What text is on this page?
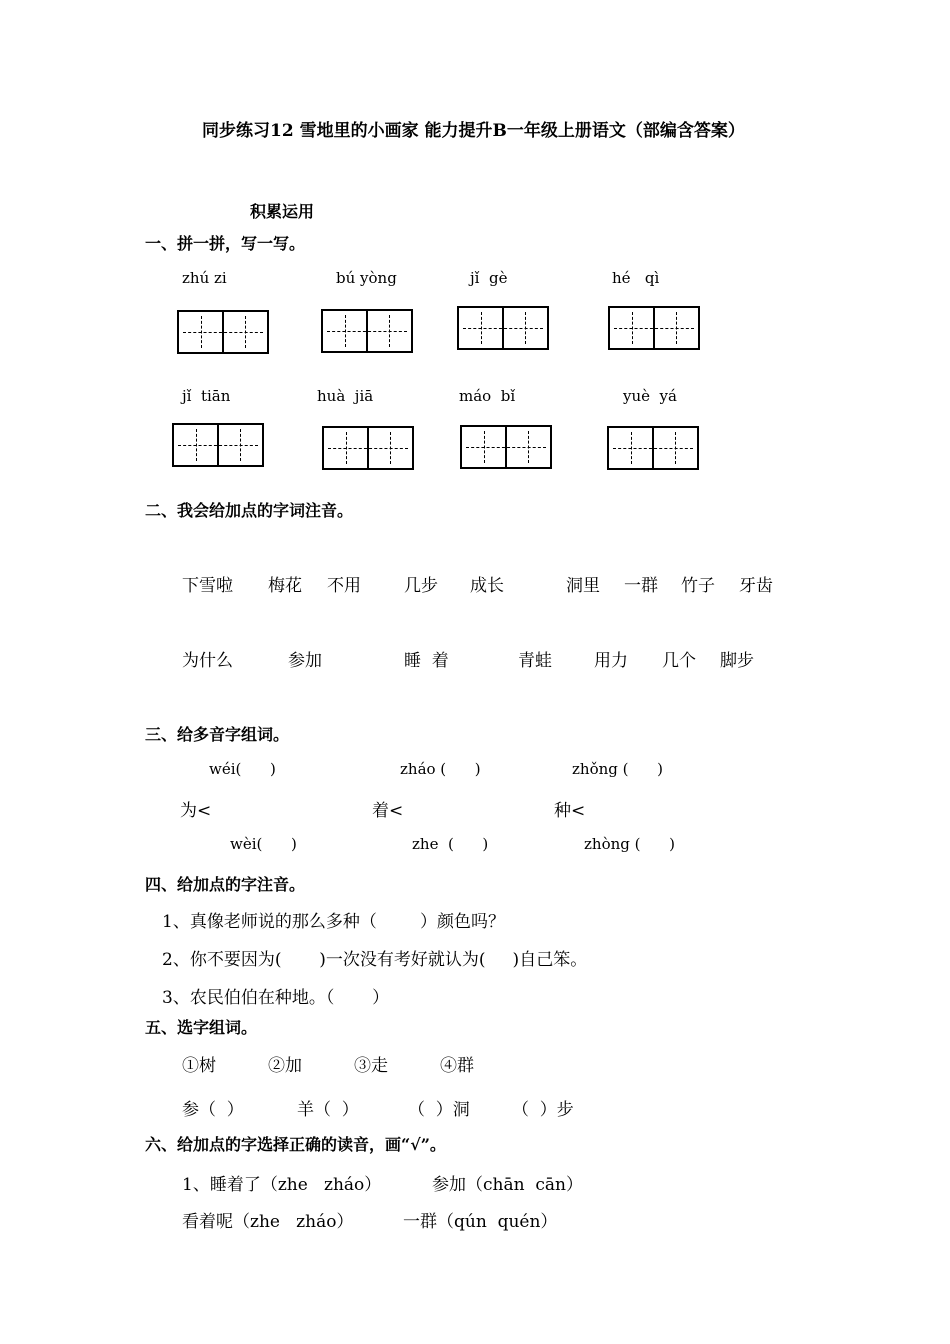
同步练习12 雪地里的小画家 能力提升B一年级上册语文（部编含答案）
积累运用
一、拼一拼，写一写。
zhú zi	bú yòng	jǐ  gè	hé   qì
jǐ  tiān	huà  jiā	máo  bǐ	yuè  yá
二、我会给加点的字词注音。
下雪啦 梅花 不用	几步 成长	洞里 一群 竹子 牙齿
为什么	参加	睡  着	青蛙 用力 几个 脚步
三、给多音字组词。
wéi(      )	zháo (      )	zhǒng (      )
为<	着<	种<
wèi(      )	zhe  (      )	zhòng (      )
四、给加点的字注音。
1、真像老师说的那么多种（        ）颜色吗？
2、你不要因为(       )一次没有考好就认为(     )自己笨。
3、农民伯伯在种地。（       ）
五、选字组词。
①树	②加	③走	④群
参（  ）	羊（  ）	（  ）洞 （  ）步
六、给加点的字选择正确的读音，画“√”。
1、睡着了（zhe   zháo）	参加（chān  cān）
看着呢（zhe   zháo）	一群（qún  quén）
